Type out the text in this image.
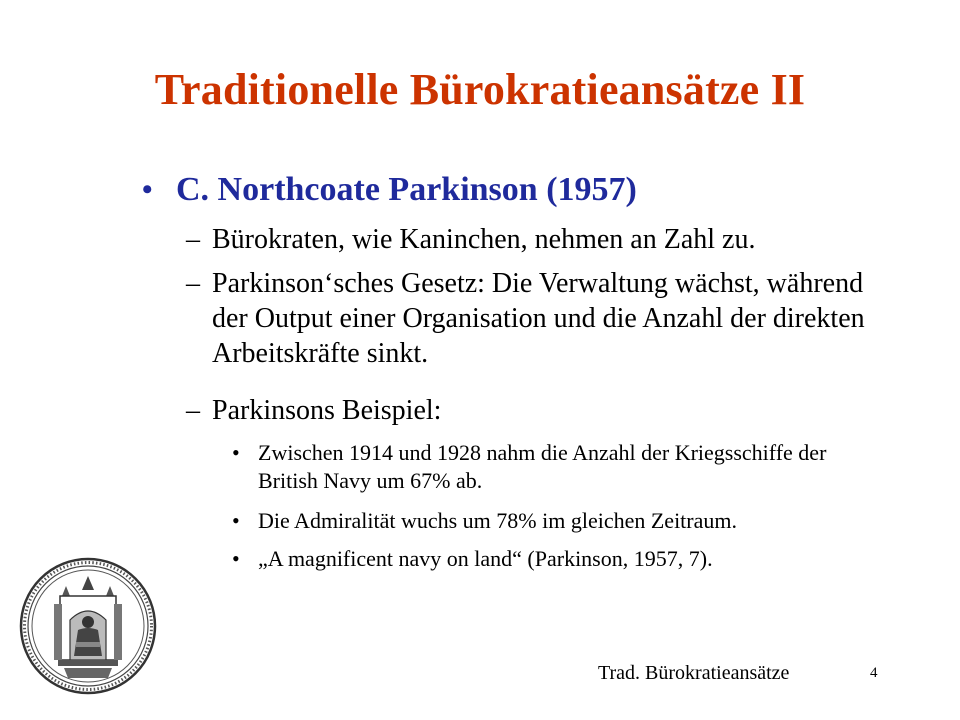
Traditionelle Bürokratieansätze II
• C. Northcoate Parkinson (1957)
– Bürokraten, wie Kaninchen, nehmen an Zahl zu.
– Parkinson‘sches Gesetz: Die Verwaltung wächst, während der Output einer Organisation und die Anzahl der direkten Arbeitskräfte sinkt.
– Parkinsons Beispiel:
• Zwischen 1914 und 1928 nahm die Anzahl der Kriegsschiffe der British Navy um 67% ab.
• Die Admiralität wuchs um 78% im gleichen Zeitraum.
• „A magnificent navy on land“ (Parkinson, 1957, 7).
Trad. Bürokratieansätze	4
